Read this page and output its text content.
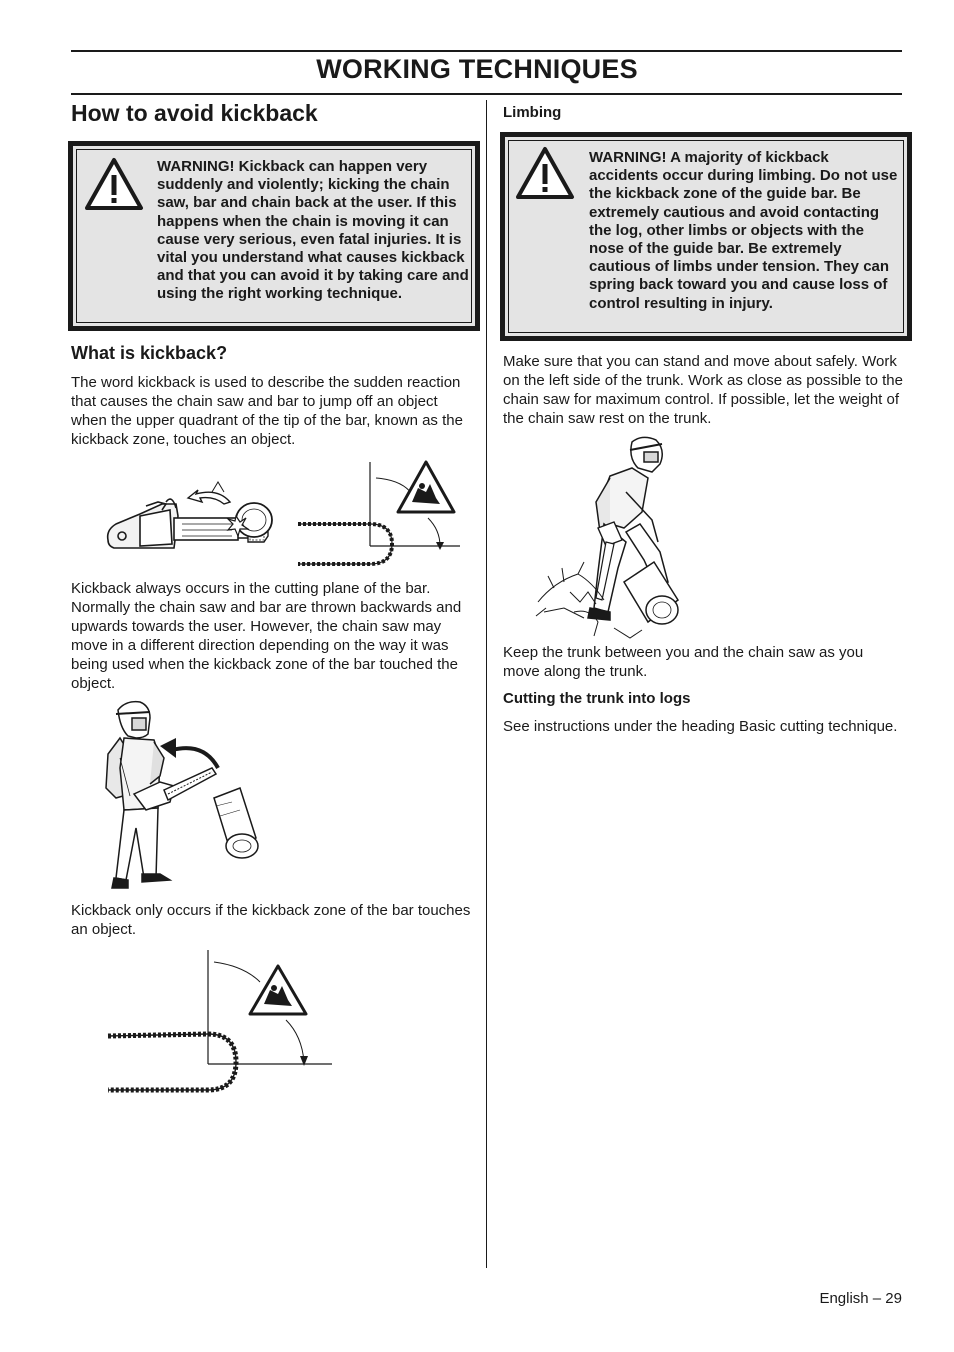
WORKING TECHNIQUES
How to avoid kickback

WARNING! Kickback can happen very suddenly and violently; kicking the chain saw, bar and chain back at the user. If this happens when the chain is moving it can cause very serious, even fatal injuries. It is vital you understand what causes kickback and that you can avoid it by taking care and using the right working technique.

What is kickback?

The word kickback is used to describe the sudden reaction that causes the chain saw and bar to jump off an object when the upper quadrant of the tip of the bar, known as the kickback zone, touches an object.

Kickback always occurs in the cutting plane of the bar. Normally the chain saw and bar are thrown backwards and upwards towards the user. However, the chain saw may move in a different direction depending on the way it was being used when the kickback zone of the bar touched the object.

Kickback only occurs if the kickback zone of the bar touches an object.

Limbing

WARNING! A majority of kickback accidents occur during limbing. Do not use the kickback zone of the guide bar. Be extremely cautious and avoid contacting the log, other limbs or objects with the nose of the guide bar. Be extremely cautious of limbs under tension. They can spring back toward you and cause loss of control resulting in injury.

Make sure that you can stand and move about safely. Work on the left side of the trunk. Work as close as possible to the chain saw for maximum control. If possible, let the weight of the chain saw rest on the trunk.

Keep the trunk between you and the chain saw as you move along the trunk.

Cutting the trunk into logs

See instructions under the heading Basic cutting technique.

English – 29
